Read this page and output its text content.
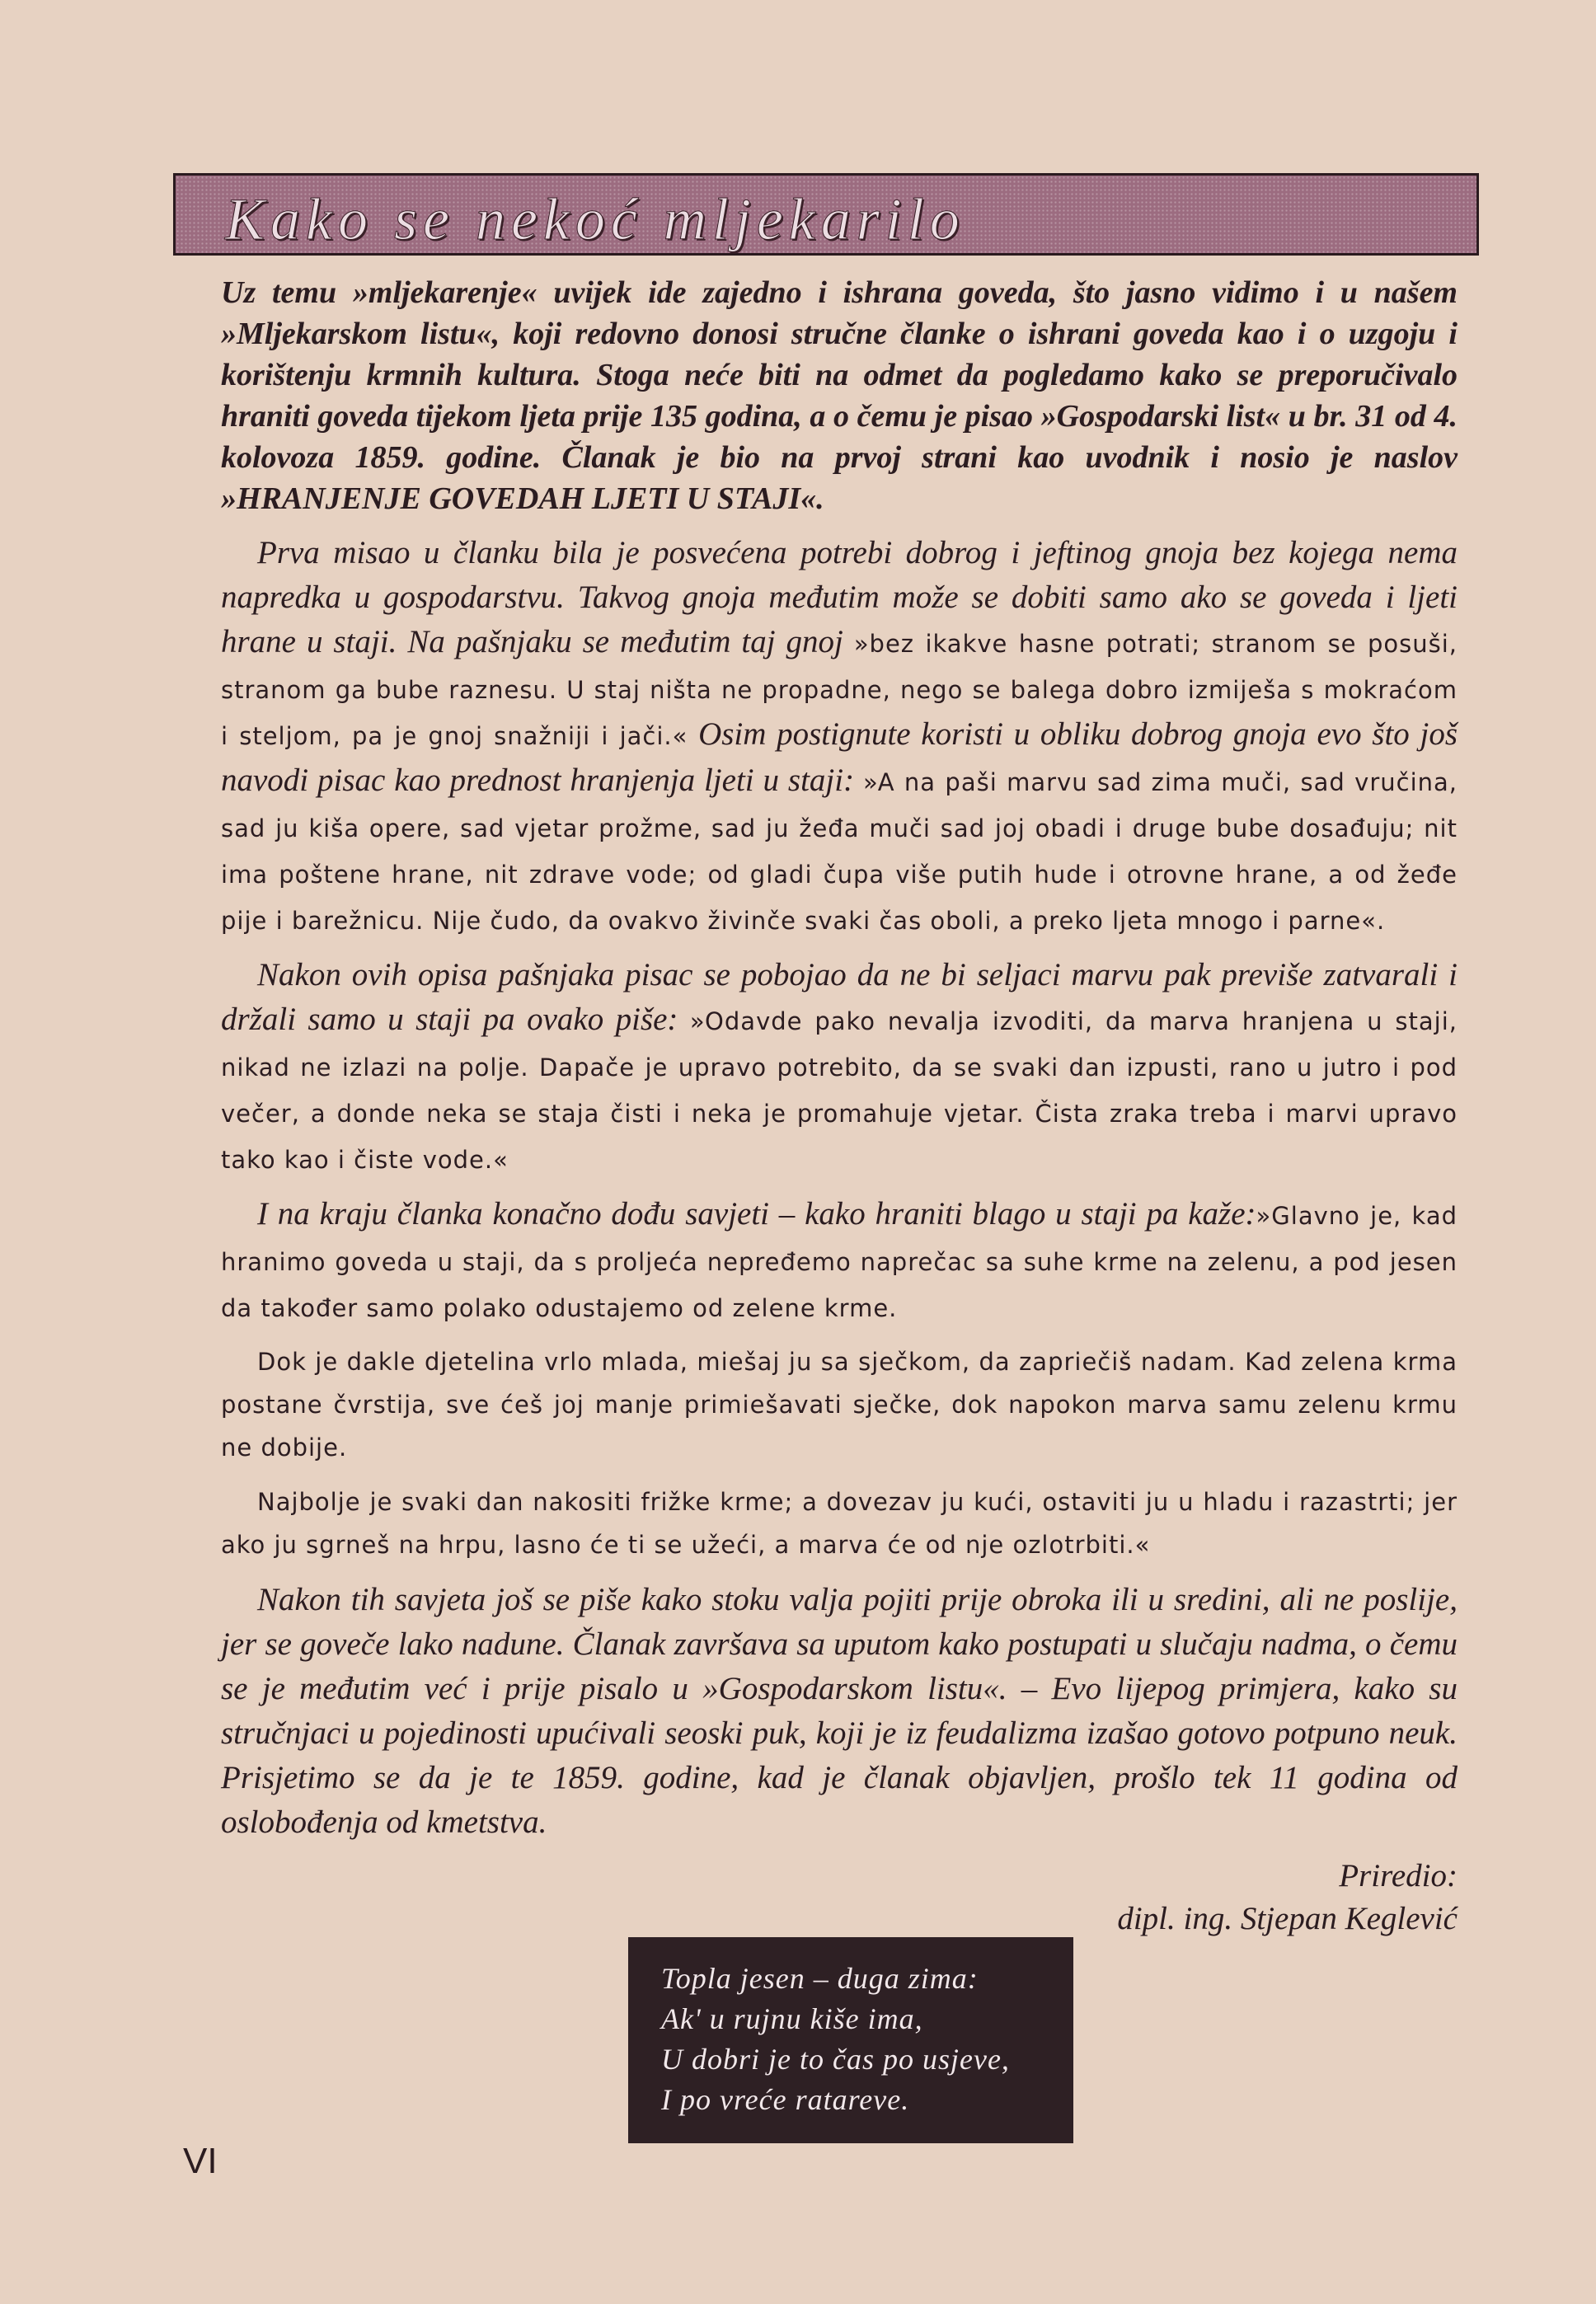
Kako se nekoć mljekarilo

Uz temu »mljekarenje« uvijek ide zajedno i ishrana goveda, što jasno vidimo i u našem »Mljekarskom listu«, koji redovno donosi stručne članke o ishrani goveda kao i o uzgoju i korištenju krmnih kultura. Stoga neće biti na odmet da pogledamo kako se preporučivalo hraniti goveda tijekom ljeta prije 135 godina, a o čemu je pisao »Gospodarski list« u br. 31 od 4. kolovoza 1859. godine. Članak je bio na prvoj strani kao uvodnik i nosio je naslov »HRANJENJE GOVEDAH LJETI U STAJI«.

Prva misao u članku bila je posvećena potrebi dobrog i jeftinog gnoja bez kojega nema napredka u gospodarstvu. Takvog gnoja međutim može se dobiti samo ako se goveda i ljeti hrane u staji. Na pašnjaku se međutim taj gnoj »bez ikakve hasne potrati; stranom se posuši, stranom ga bube raznesu. U staj ništa ne propadne, nego se balega dobro izmiješa s mokraćom i steljom, pa je gnoj snažniji i jači.« Osim postignute koristi u obliku dobrog gnoja evo što još navodi pisac kao prednost hranjenja ljeti u staji: »A na paši marvu sad zima muči, sad vručina, sad ju kiša opere, sad vjetar prožme, sad ju žeđa muči sad joj obadi i druge bube dosađuju; nit ima poštene hrane, nit zdrave vode; od gladi čupa više putih hude i otrovne hrane, a od žeđe pije i barežnicu. Nije čudo, da ovakvo živinče svaki čas oboli, a preko ljeta mnogo i parne«.

Nakon ovih opisa pašnjaka pisac se pobojao da ne bi seljaci marvu pak previše zatvarali i držali samo u staji pa ovako piše: »Odavde pako nevalja izvoditi, da marva hranjena u staji, nikad ne izlazi na polje. Dapače je upravo potrebito, da se svaki dan izpusti, rano u jutro i pod večer, a donde neka se staja čisti i neka je promahuje vjetar. Čista zraka treba i marvi upravo tako kao i čiste vode.«

I na kraju članka konačno dođu savjeti – kako hraniti blago u staji pa kaže:»Glavno je, kad hranimo goveda u staji, da s proljeća nepređemo naprečac sa suhe krme na zelenu, a pod jesen da također samo polako odustajemo od zelene krme.

Dok je dakle djetelina vrlo mlada, miešaj ju sa sječkom, da zapriečiš nadam. Kad zelena krma postane čvrstija, sve ćeš joj manje primiešavati sječke, dok napokon marva samu zelenu krmu ne dobije.

Najbolje je svaki dan nakositi frižke krme; a dovezav ju kući, ostaviti ju u hladu i razastrti; jer ako ju sgrneš na hrpu, lasno će ti se užeći, a marva će od nje ozlotrbiti.«

Nakon tih savjeta još se piše kako stoku valja pojiti prije obroka ili u sredini, ali ne poslije, jer se goveče lako nadune. Članak završava sa uputom kako postupati u slučaju nadma, o čemu se je međutim već i prije pisalo u »Gospodarskom listu«. – Evo lijepog primjera, kako su stručnjaci u pojedinosti upućivali seoski puk, koji je iz feudalizma izašao gotovo potpuno neuk. Prisjetimo se da je te 1859. godine, kad je članak objavljen, prošlo tek 11 godina od oslobođenja od kmetstva.

Priredio:
dipl. ing. Stjepan Keglević
Topla jesen – duga zima:
Ak' u rujnu kiše ima,
U dobri je to čas po usjeve,
I po vreće ratareve.
VI
